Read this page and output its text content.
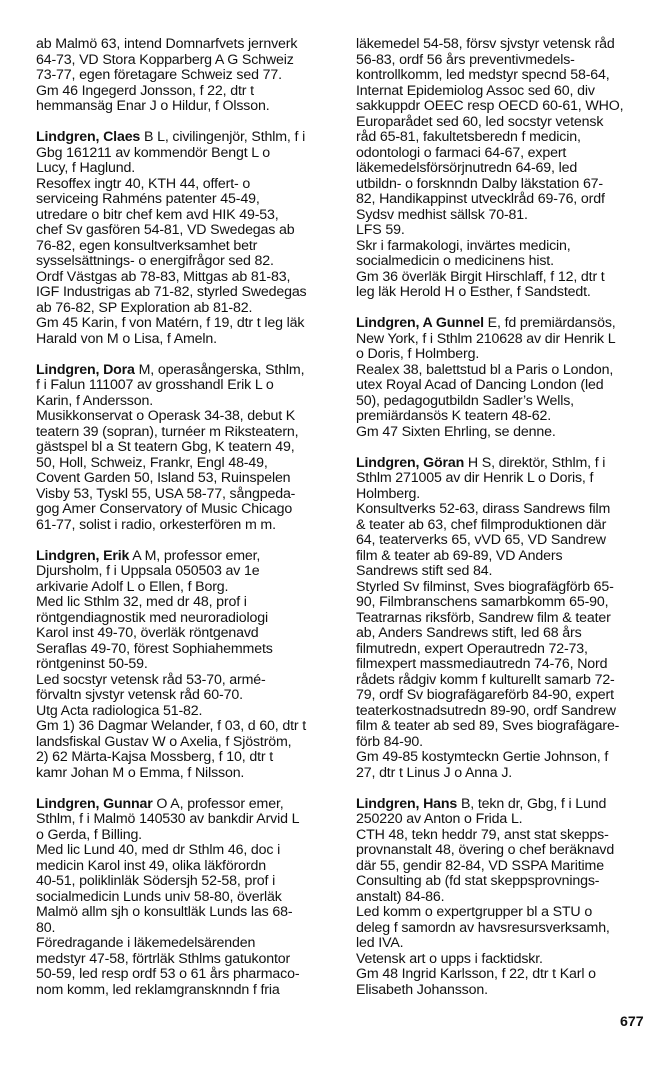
ab Malmö 63, intend Domnarfvets jernverk
64-73, VD Stora Kopparberg A G Schweiz
73-77, egen företagare Schweiz sed 77.
Gm 46 Ingegerd Jonsson, f 22, dtr t
hemmansäg Enar J o Hildur, f Olsson.
Lindgren, Claes B L, civilingenjör, Sthlm, f i
Gbg 161211 av kommendör Bengt L o
Lucy, f Haglund.
Resoffex ingtr 40, KTH 44, offert- o
serviceing Rahméns patenter 45-49,
utredare o bitr chef kem avd HIK 49-53,
chef Sv gasfören 54-81, VD Swedegas ab
76-82, egen konsultverksamhet betr
sysselsättnings- o energifrågor sed 82.
Ordf Västgas ab 78-83, Mittgas ab 81-83,
IGF Industrigas ab 71-82, styrled Swedegas
ab 76-82, SP Exploration ab 81-82.
Gm 45 Karin, f von Matérn, f 19, dtr t leg läk
Harald von M o Lisa, f Ameln.
Lindgren, Dora M, operasångerska, Sthlm,
f i Falun 111007 av grosshandl Erik L o
Karin, f Andersson.
Musikkonservat o Operask 34-38, debut K
teatern 39 (sopran), turnéer m Riksteatern,
gästspel bl a St teatern Gbg, K teatern 49,
50, Holl, Schweiz, Frankr, Engl 48-49,
Covent Garden 50, Island 53, Ruinspelen
Visby 53, Tyskl 55, USA 58-77, sångpeda-
gog Amer Conservatory of Music Chicago
61-77, solist i radio, orkesterfören m m.
Lindgren, Erik A M, professor emer,
Djursholm, f i Uppsala 050503 av 1e
arkivarie Adolf L o Ellen, f Borg.
Med lic Sthlm 32, med dr 48, prof i
röntgendiagnostik med neuroradiologi
Karol inst 49-70, överläk röntgenavd
Seraflas 49-70, förest Sophiahemmets
röntgeninst 50-59.
Led socstyr vetensk råd 53-70, armé-
förvaltn sjvstyr vetensk råd 60-70.
Utg Acta radiologica 51-82.
Gm 1) 36 Dagmar Welander, f 03, d 60, dtr t
landsfiskal Gustav W o Axelia, f Sjöström,
2) 62 Märta-Kajsa Mossberg, f 10, dtr t
kamr Johan M o Emma, f Nilsson.
Lindgren, Gunnar O A, professor emer,
Sthlm, f i Malmö 140530 av bankdir Arvid L
o Gerda, f Billing.
Med lic Lund 40, med dr Sthlm 46, doc i
medicin Karol inst 49, olika läkförordn
40-51, poliklinläk Södersjh 52-58, prof i
socialmedicin Lunds univ 58-80, överläk
Malmö allm sjh o konsultläk Lunds las 68-
80.
Föredragande i läkemedelsärenden
medstyr 47-58, förtrläk Sthlms gatukontor
50-59, led resp ordf 53 o 61 års pharmaco-
nom komm, led reklamgransknndn f fria
läkemedel 54-58, försv sjvstyr vetensk råd
56-83, ordf 56 års preventivmedels-
kontrollkomm, led medstyr specnd 58-64,
Internat Epidemiolog Assoc sed 60, div
sakkuppdr OEEC resp OECD 60-61, WHO,
Europarådet sed 60, led socstyr vetensk
råd 65-81, fakultetsberedn f medicin,
odontologi o farmaci 64-67, expert
läkemedelsförsörjnutredn 64-69, led
utbildn- o forsknndn Dalby läkstation 67-
82, Handikappinst utvecklråd 69-76, ordf
Sydsv medhist sällsk 70-81.
LFS 59.
Skr i farmakologi, invärtes medicin,
socialmedicin o medicinens hist.
Gm 36 överläk Birgit Hirschlaff, f 12, dtr t
leg läk Herold H o Esther, f Sandstedt.
Lindgren, A Gunnel E, fd premiärdansös,
New York, f i Sthlm 210628 av dir Henrik L
o Doris, f Holmberg.
Realex 38, balettstud bl a Paris o London,
utex Royal Acad of Dancing London (led
50), pedagogutbildn Sadler’s Wells,
premiärdansös K teatern 48-62.
Gm 47 Sixten Ehrling, se denne.
Lindgren, Göran H S, direktör, Sthlm, f i
Sthlm 271005 av dir Henrik L o Doris, f
Holmberg.
Konsultverks 52-63, dirass Sandrews film
& teater ab 63, chef filmproduktionen där
64, teaterverks 65, vVD 65, VD Sandrew
film & teater ab 69-89, VD Anders
Sandrews stift sed 84.
Styrled Sv filminst, Sves biografägförb 65-
90, Filmbranschens samarbkomm 65-90,
Teatrarnas riksförb, Sandrew film & teater
ab, Anders Sandrews stift, led 68 års
filmutredn, expert Operautredn 72-73,
filmexpert massmediautredn 74-76, Nord
rådets rådgiv komm f kulturellt samarb 72-
79, ordf Sv biografägareförb 84-90, expert
teaterkostnadsutredn 89-90, ordf Sandrew
film & teater ab sed 89, Sves biografägare-
förb 84-90.
Gm 49-85 kostymteckn Gertie Johnson, f
27, dtr t Linus J o Anna J.
Lindgren, Hans B, tekn dr, Gbg, f i Lund
250220 av Anton o Frida L.
CTH 48, tekn heddr 79, anst stat skepps-
provnanstalt 48, övering o chef beräknavd
där 55, gendir 82-84, VD SSPA Maritime
Consulting ab (fd stat skeppsprovnings-
anstalt) 84-86.
Led komm o expertgrupper bl a STU o
deleg f samordn av havsresursverksamh,
led IVA.
Vetensk art o upps i facktidskr.
Gm 48 Ingrid Karlsson, f 22, dtr t Karl o
Elisabeth Johansson.
677
